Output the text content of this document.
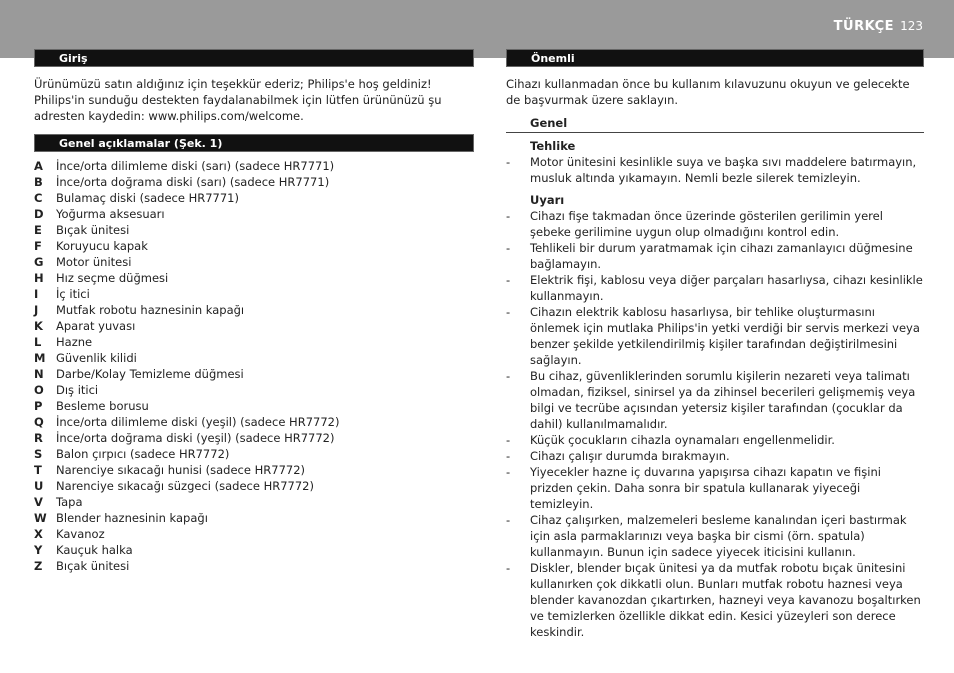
TÜRKÇE 123
Giriş

Ürünümüzü satın aldığınız için teşekkür ederiz; Philips'e hoş geldiniz! Philips'in sunduğu destekten faydalanabilmek için lütfen ürününüzü şu adresten kaydedin: www.philips.com/welcome.

Genel açıklamalar (Şek. 1)
A	İnce/orta dilimleme diski (sarı) (sadece HR7771)
B	İnce/orta doğrama diski (sarı) (sadece HR7771)
C	Bulamaç diski (sadece HR7771)
D	Yoğurma aksesuarı
E	Bıçak ünitesi
F	Koruyucu kapak
G	Motor ünitesi
H	Hız seçme düğmesi
I	İç itici
J	Mutfak robotu haznesinin kapağı
K	Aparat yuvası
L	Hazne
M Güvenlik kilidi
N	Darbe/Kolay Temizleme düğmesi
O	Dış itici
P	Besleme borusu
Q	İnce/orta dilimleme diski (yeşil) (sadece HR7772)
R	İnce/orta doğrama diski (yeşil) (sadece HR7772)
S	Balon çırpıcı (sadece HR7772)
T	Narenciye sıkacağı hunisi (sadece HR7772)
U	Narenciye sıkacağı süzgeci (sadece HR7772)
V	Tapa
W Blender haznesinin kapağı
X	Kavanoz
Y	Kauçuk halka
Z	Bıçak ünitesi
Önemli

Cihazı kullanmadan önce bu kullanım kılavuzunu okuyun ve gelecekte de başvurmak üzere saklayın.

Genel
Tehlike
-	Motor ünitesini kesinlikle suya ve başka sıvı maddelere batırmayın, musluk altında yıkamayın. Nemli bezle silerek temizleyin.
Uyarı
-	Cihazı fişe takmadan önce üzerinde gösterilen gerilimin yerel şebeke gerilimine uygun olup olmadığını kontrol edin.
-	Tehlikeli bir durum yaratmamak için cihazı zamanlayıcı düğmesine bağlamayın.
-	Elektrik fişi, kablosu veya diğer parçaları hasarlıysa, cihazı kesinlikle kullanmayın.
-	Cihazın elektrik kablosu hasarlıysa, bir tehlike oluşturmasını önlemek için mutlaka Philips'in yetki verdiği bir servis merkezi veya benzer şekilde yetkilendirilmiş kişiler tarafından değiştirilmesini sağlayın.
-	Bu cihaz, güvenliklerinden sorumlu kişilerin nezareti veya talimatı olmadan, fiziksel, sinirsel ya da zihinsel becerileri gelişmemiş veya bilgi ve tecrübe açısından yetersiz kişiler tarafından (çocuklar da dahil) kullanılmamalıdır.
-	Küçük çocukların cihazla oynamaları engellenmelidir.
-	Cihazı çalışır durumda bırakmayın.
-	Yiyecekler hazne iç duvarına yapışırsa cihazı kapatın ve fişini prizden çekin. Daha sonra bir spatula kullanarak yiyeceği temizleyin.
-	Cihaz çalışırken, malzemeleri besleme kanalından içeri bastırmak için asla parmaklarınızı veya başka bir cismi (örn. spatula) kullanmayın. Bunun için sadece yiyecek iticisini kullanın.
-	Diskler, blender bıçak ünitesi ya da mutfak robotu bıçak ünitesini kullanırken çok dikkatli olun. Bunları mutfak robotu haznesi veya blender kavanozdan çıkartırken, hazneyi veya kavanozu boşaltırken ve temizlerken özellikle dikkat edin. Kesici yüzeyleri son derece keskindir.
